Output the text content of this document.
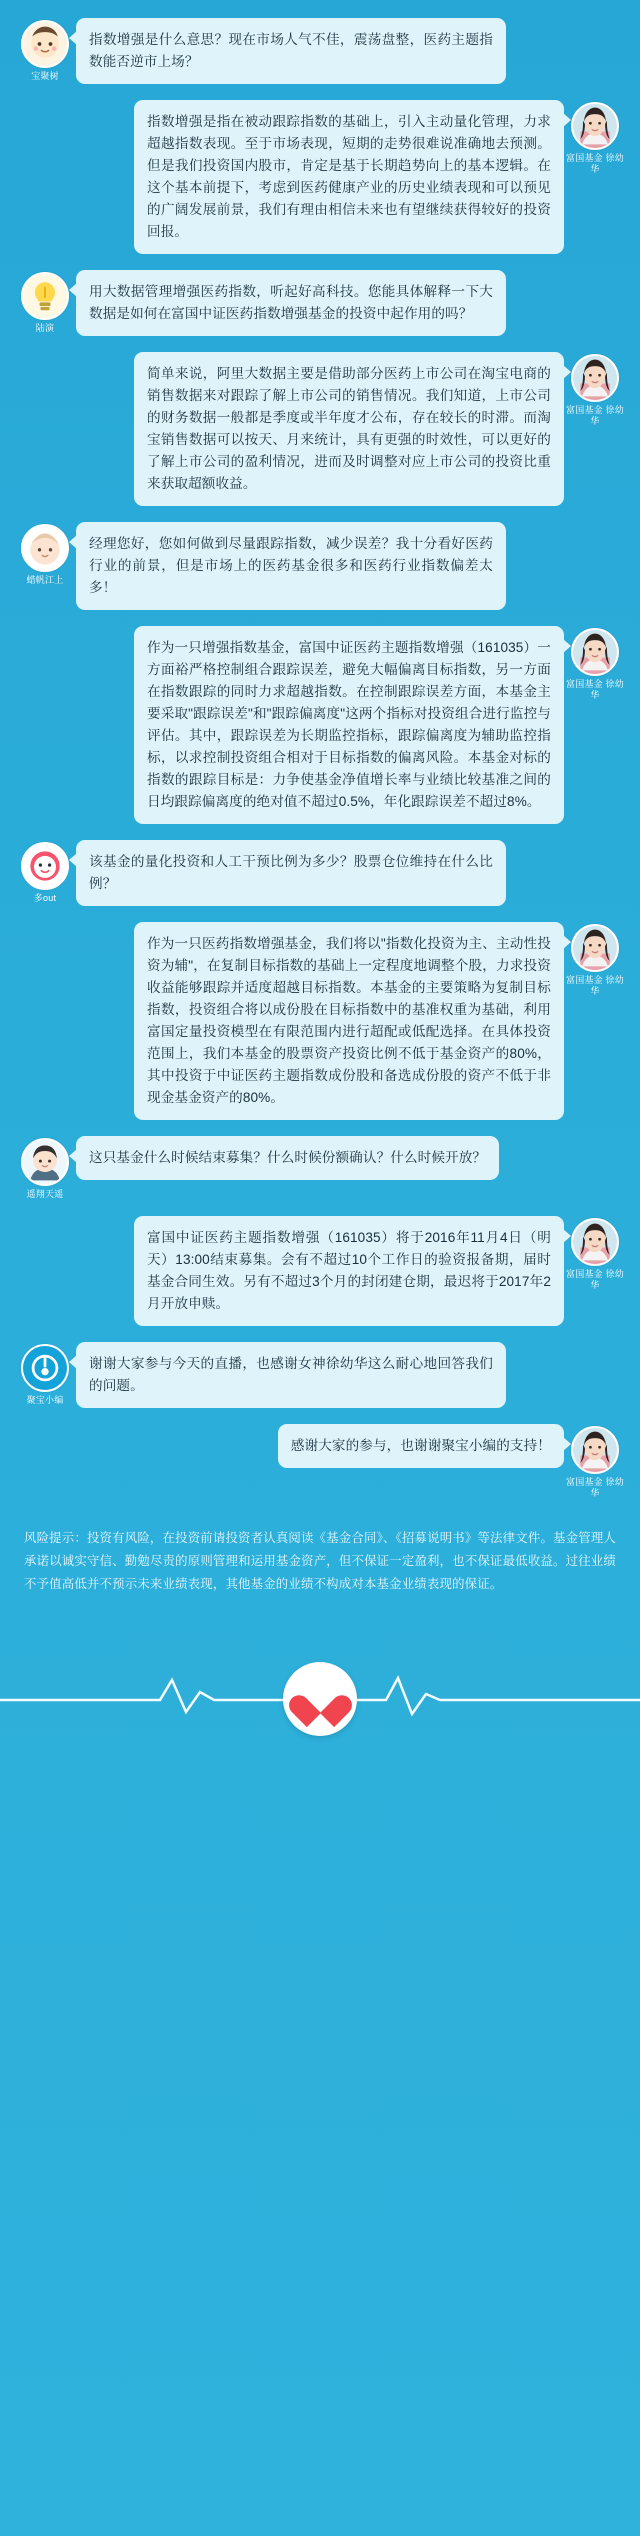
宝聚树
指数增强是什么意思？现在市场人气不佳，震荡盘整，医药主题指数能否逆市上场？
指数增强是指在被动跟踪指数的基础上，引入主动量化管理，力求超越指数表现。至于市场表现，短期的走势很难说准确地去预测。但是我们投资国内股市，肯定是基于长期趋势向上的基本逻辑。在这个基本前提下，考虑到医药健康产业的历史业绩表现和可以预见的广阔发展前景，我们有理由相信未来也有望继续获得较好的投资回报。
富国基金 徐幼华
陆演
用大数据管理增强医药指数，听起好高科技。您能具体解释一下大数据是如何在富国中证医药指数增强基金的投资中起作用的吗？
简单来说，阿里大数据主要是借助部分医药上市公司在淘宝电商的销售数据来对跟踪了解上市公司的销售情况。我们知道，上市公司的财务数据一般都是季度或半年度才公布，存在较长的时滞。而淘宝销售数据可以按天、月来统计，具有更强的时效性，可以更好的了解上市公司的盈利情况，进而及时调整对应上市公司的投资比重来获取超额收益。
富国基金 徐幼华
蜡帆江上
经理您好，您如何做到尽量跟踪指数，减少误差？我十分看好医药行业的前景，但是市场上的医药基金很多和医药行业指数偏差太多！
作为一只增强指数基金，富国中证医药主题指数增强（161035）一方面裕严格控制组合跟踪误差，避免大幅偏离目标指数，另一方面在指数跟踪的同时力求超越指数。在控制跟踪误差方面，本基金主要采取"跟踪误差"和"跟踪偏离度"这两个指标对投资组合进行监控与评估。其中，跟踪误差为长期监控指标，跟踪偏离度为辅助监控指标，以求控制投资组合相对于目标指数的偏离风险。本基金对标的指数的跟踪目标是：力争使基金净值增长率与业绩比较基准之间的日均跟踪偏离度的绝对值不超过0.5%，年化跟踪误差不超过8%。
富国基金 徐幼华
多out
该基金的量化投资和人工干预比例为多少？股票仓位维持在什么比例？
作为一只医药指数增强基金，我们将以"指数化投资为主、主动性投资为辅"，在复制目标指数的基础上一定程度地调整个股，力求投资收益能够跟踪并适度超越目标指数。本基金的主要策略为复制目标指数，投资组合将以成份股在目标指数中的基准权重为基础，利用富国定量投资模型在有限范围内进行超配或低配选择。在具体投资范围上，我们本基金的股票资产投资比例不低于基金资产的80%，其中投资于中证医药主题指数成份股和备选成份股的资产不低于非现金基金资产的80%。
富国基金 徐幼华
遥翔天遥
这只基金什么时候结束募集？什么时候份额确认？什么时候开放？
富国中证医药主题指数增强（161035）将于2016年11月4日（明天）13:00结束募集。会有不超过10个工作日的验资报备期，届时基金合同生效。另有不超过3个月的封闭建仓期，最迟将于2017年2月开放申赎。
富国基金 徐幼华
聚宝小编
谢谢大家参与今天的直播，也感谢女神徐幼华这么耐心地回答我们的问题。
感谢大家的参与，也谢谢聚宝小编的支持！
富国基金 徐幼华
风险提示：投资有风险，在投资前请投资者认真阅读《基金合同》、《招募说明书》等法律文件。基金管理人承诺以诚实守信、勤勉尽责的原则管理和运用基金资产，但不保证一定盈利，也不保证最低收益。过往业绩不予值高低并不预示未来业绩表现，其他基金的业绩不构成对本基金业绩表现的保证。
